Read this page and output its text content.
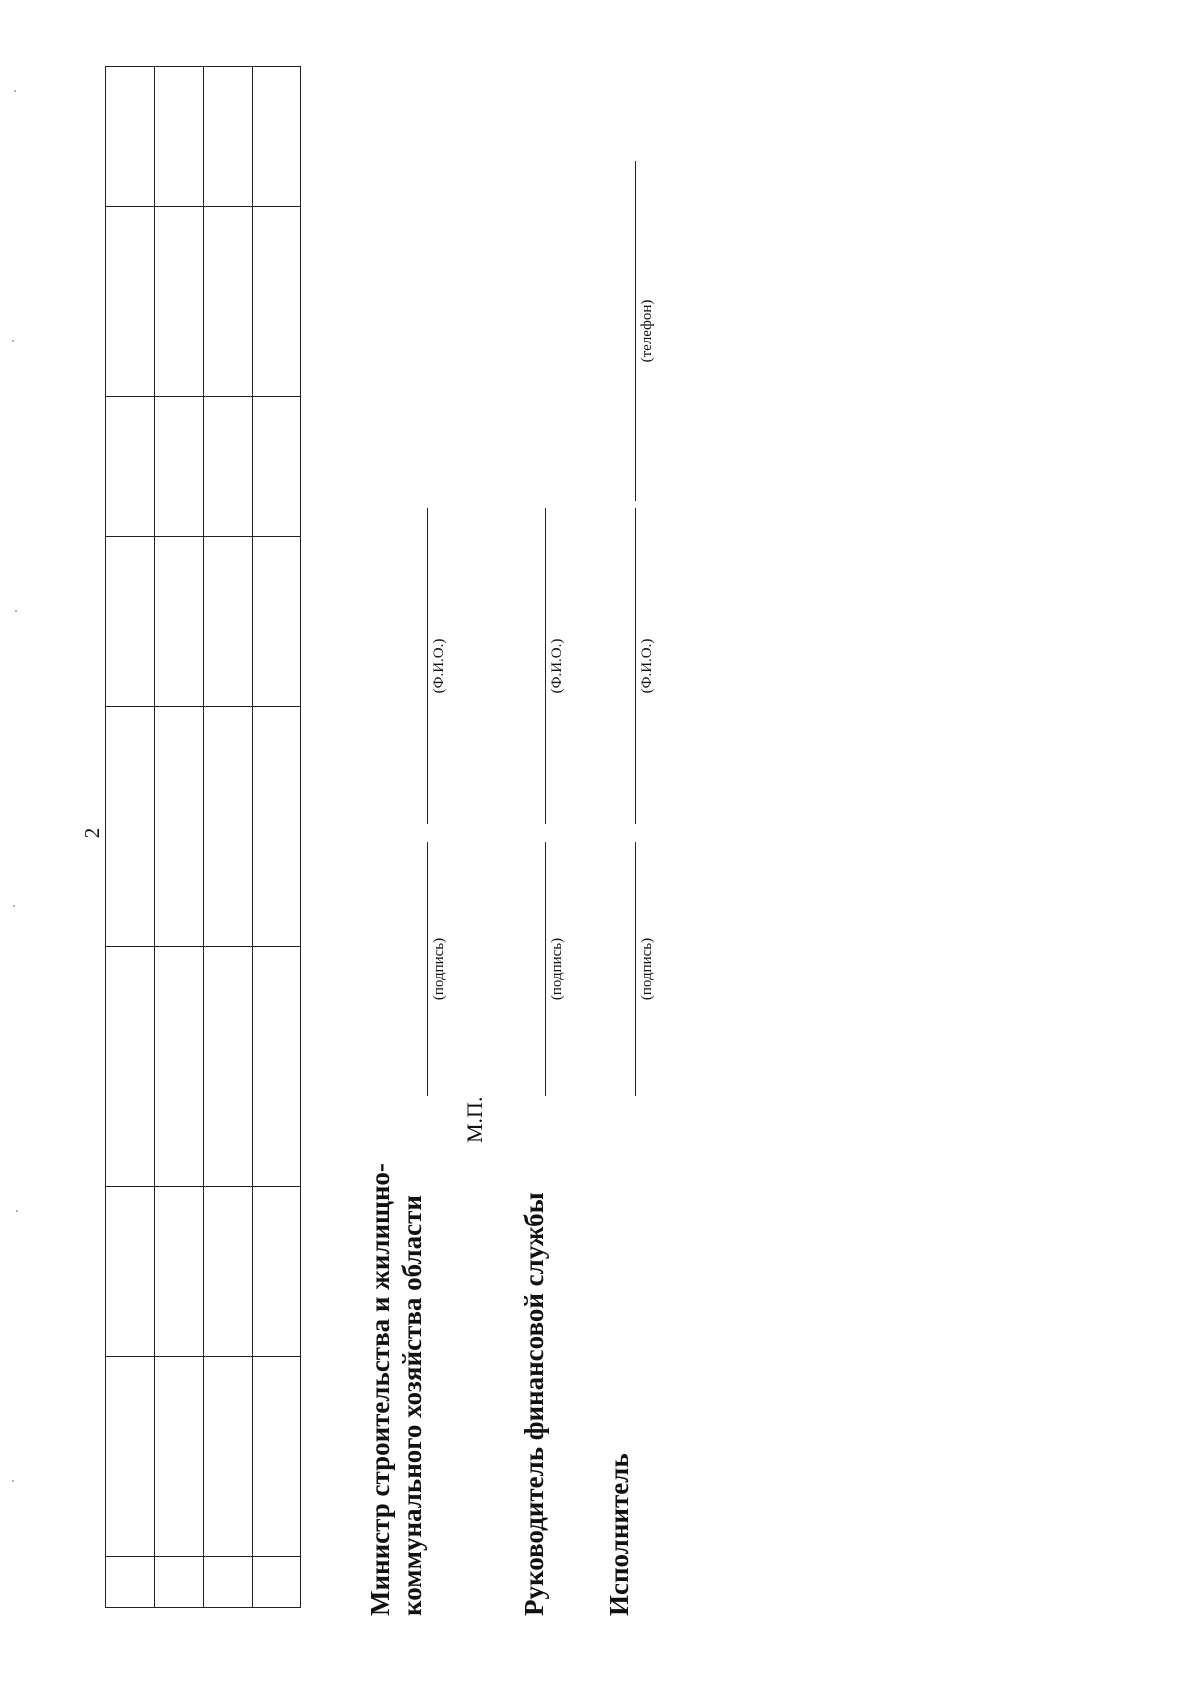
2
Министр строительства и жилищно- коммунального хозяйства области
М.П.
(подпись)
(Ф.И.О.)
Руководитель финансовой службы
(подпись)
(Ф.И.О.)
Исполнитель
(подпись)
(Ф.И.О.)
(телефон)
